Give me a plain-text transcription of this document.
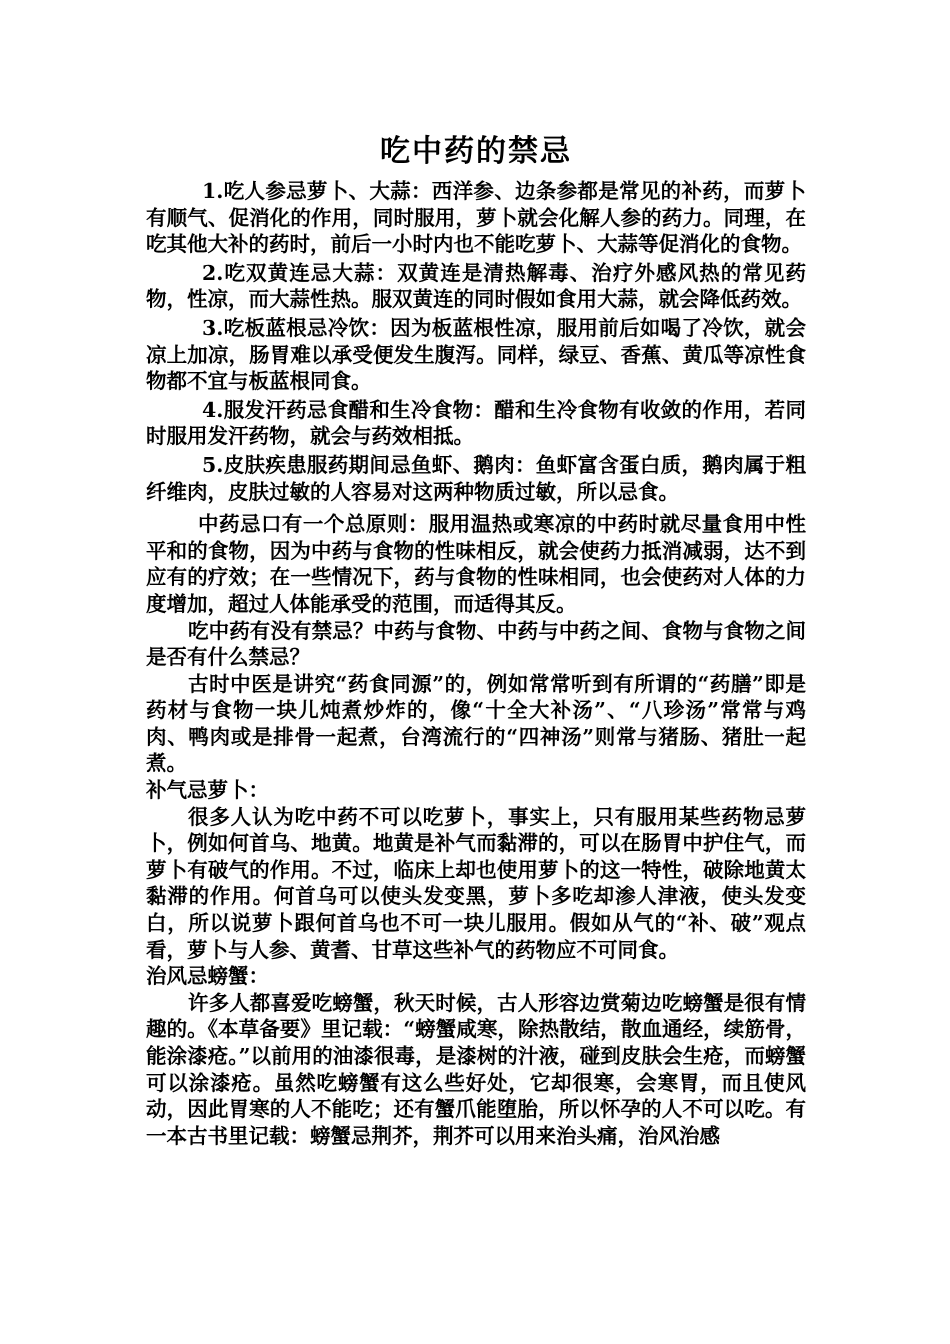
吃中药的禁忌

1.吃人参忌萝卜、大蒜：西洋参、边条参都是常见的补药，而萝卜有顺气、促消化的作用，同时服用，萝卜就会化解人参的药力。同理，在吃其他大补的药时，前后一小时内也不能吃萝卜、大蒜等促消化的食物。

2.吃双黄连忌大蒜：双黄连是清热解毒、治疗外感风热的常见药物，性凉，而大蒜性热。服双黄连的同时假如食用大蒜，就会降低药效。

3.吃板蓝根忌冷饮：因为板蓝根性凉，服用前后如喝了冷饮，就会凉上加凉，肠胃难以承受便发生腹泻。同样，绿豆、香蕉、黄瓜等凉性食物都不宜与板蓝根同食。

4.服发汗药忌食醋和生冷食物：醋和生冷食物有收敛的作用，若同时服用发汗药物，就会与药效相抵。

5.皮肤疾患服药期间忌鱼虾、鹅肉：鱼虾富含蛋白质，鹅肉属于粗纤维肉，皮肤过敏的人容易对这两种物质过敏，所以忌食。

中药忌口有一个总原则：服用温热或寒凉的中药时就尽量食用中性平和的食物，因为中药与食物的性味相反，就会使药力抵消减弱，达不到应有的疗效；在一些情况下，药与食物的性味相同，也会使药对人体的力度增加，超过人体能承受的范围，而适得其反。

吃中药有没有禁忌？中药与食物、中药与中药之间、食物与食物之间是否有什么禁忌？

古时中医是讲究“药食同源”的，例如常常听到有所谓的“药膳”即是药材与食物一块儿炖煮炒炸的，像“十全大补汤”、“八珍汤”常常与鸡肉、鸭肉或是排骨一起煮，台湾流行的“四神汤”则常与猪肠、猪肚一起煮。

补气忌萝卜：

很多人认为吃中药不可以吃萝卜，事实上，只有服用某些药物忌萝卜，例如何首乌、地黄。地黄是补气而黏滞的，可以在肠胃中护住气，而萝卜有破气的作用。不过，临床上却也使用萝卜的这一特性，破除地黄太黏滞的作用。何首乌可以使头发变黑，萝卜多吃却渗人津液，使头发变白，所以说萝卜跟何首乌也不可一块儿服用。假如从气的“补、破”观点看，萝卜与人参、黄耆、甘草这些补气的药物应不可同食。

治风忌螃蟹：

许多人都喜爱吃螃蟹，秋天时候，古人形容边赏菊边吃螃蟹是很有情趣的。《本草备要》里记载：“螃蟹咸寒，除热散结，散血通经，续筋骨，能涂漆疮。”以前用的油漆很毒，是漆树的汁液，碰到皮肤会生疮，而螃蟹可以涂漆疮。虽然吃螃蟹有这么些好处，它却很寒，会寒胃，而且使风动，因此胃寒的人不能吃；还有蟹爪能堕胎，所以怀孕的人不可以吃。有一本古书里记载：螃蟹忌荆芥，荆芥可以用来治头痛，治风治感
